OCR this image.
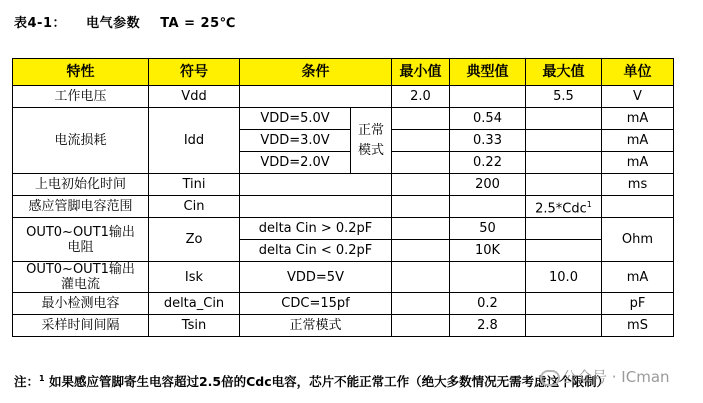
表4-1：    电气参数    TA = 25℃
特性	符号	条件		最小值	典型值	最大值	单位
工作电压	Vdd			2.0		5.5	V
电流损耗	Idd	VDD=5.0V	正常模式		0.54		mA
		VDD=3.0V			0.33		mA
		VDD=2.0V			0.22		mA
上电初始化时间	Tini				200		ms
感应管脚电容范围	Cin					2.5*Cdc$^1$	
OUT0~OUT1输出
电阻	Zo	delta Cin > 0.2pF			50		Ohm
		delta Cin < 0.2pF			10K		
OUT0~OUT1输出
灌电流	Isk	VDD=5V				10.0	mA
最小检测电容	delta_Cin	CDC=15pf			0.2		pF
采样时间间隔	Tsin	正常模式			2.8		mS
注：$^1$ 如果感应管脚寄生电容超过2.5倍的Cdc电容，芯片不能正常工作（绝大多数情况无需考虑这个限制）
公众号 · ICman
